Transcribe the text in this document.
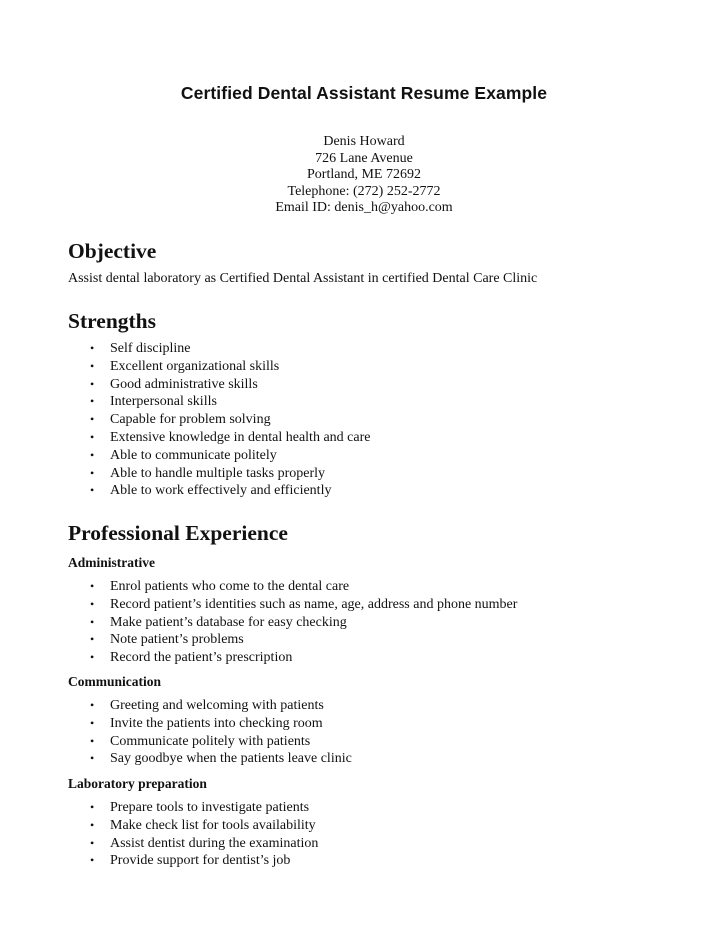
Certified Dental Assistant Resume Example
Denis Howard
726 Lane Avenue
Portland, ME 72692
Telephone: (272) 252-2772
Email ID: denis_h@yahoo.com
Objective
Assist dental laboratory as Certified Dental Assistant in certified Dental Care Clinic
Strengths
• Self discipline
• Excellent organizational skills
• Good administrative skills
• Interpersonal skills
• Capable for problem solving
• Extensive knowledge in dental health and care
• Able to communicate politely
• Able to handle multiple tasks properly
• Able to work effectively and efficiently
Professional Experience
Administrative
• Enrol patients who come to the dental care
• Record patient’s identities such as name, age, address and phone number
• Make patient’s database for easy checking
• Note patient’s problems
• Record the patient’s prescription
Communication
• Greeting and welcoming with patients
• Invite the patients into checking room
• Communicate politely with patients
• Say goodbye when the patients leave clinic
Laboratory preparation
• Prepare tools to investigate patients
• Make check list for tools availability
• Assist dentist during the examination
• Provide support for dentist’s job
